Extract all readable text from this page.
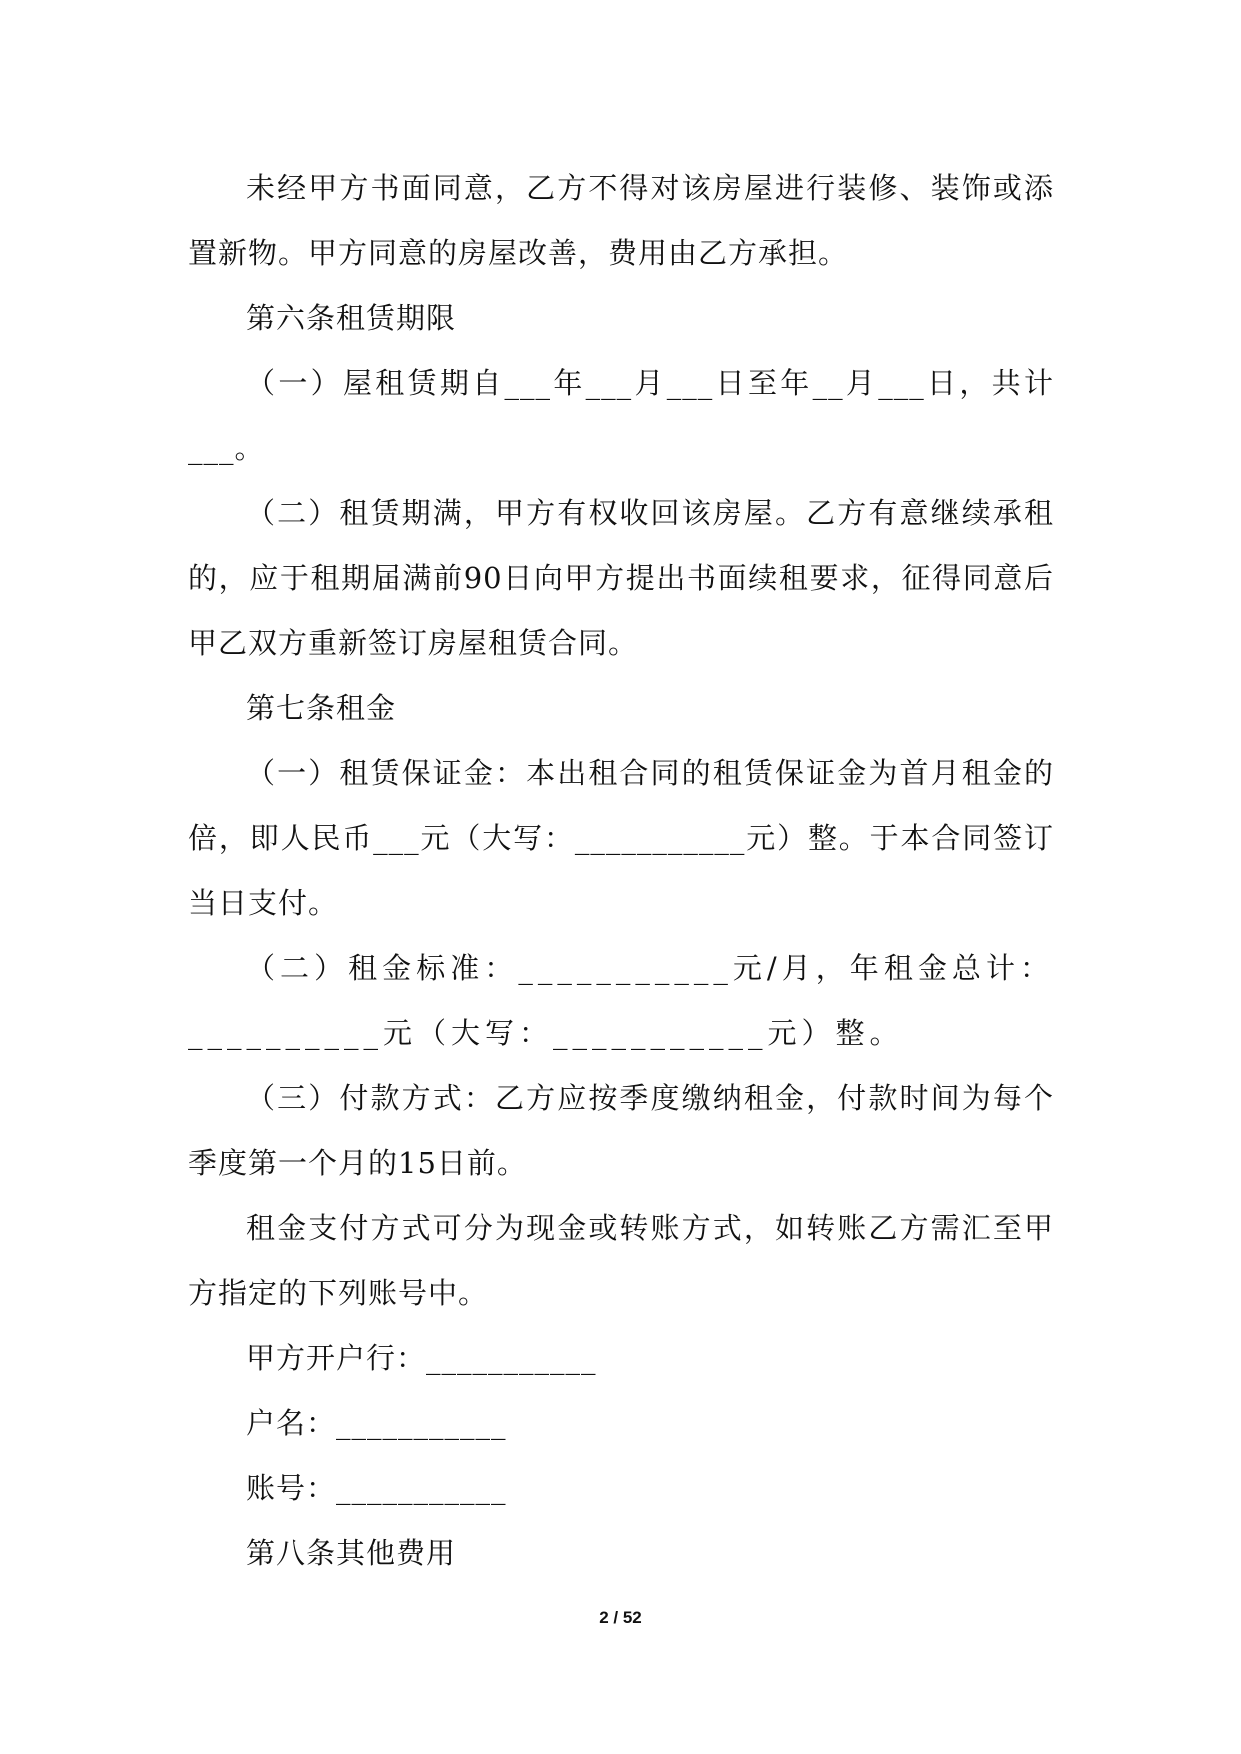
未经甲方书面同意，乙方不得对该房屋进行装修、装饰或添置新物。甲方同意的房屋改善，费用由乙方承担。

第六条租赁期限

（一）屋租赁期自___年___月___日至年__月___日，共计___。

（二）租赁期满，甲方有权收回该房屋。乙方有意继续承租的，应于租期届满前90日向甲方提出书面续租要求，征得同意后甲乙双方重新签订房屋租赁合同。

第七条租金

（一）租赁保证金：本出租合同的租赁保证金为首月租金的倍，即人民币___元（大写：___________元）整。于本合同签订当日支付。

（二）租金标准：___________元/月，年租金总计：__________元（大写：___________元）整。

（三）付款方式：乙方应按季度缴纳租金，付款时间为每个季度第一个月的15日前。

租金支付方式可分为现金或转账方式，如转账乙方需汇至甲方指定的下列账号中。

甲方开户行：___________

户名：___________

账号：___________

第八条其他费用

2 / 52
